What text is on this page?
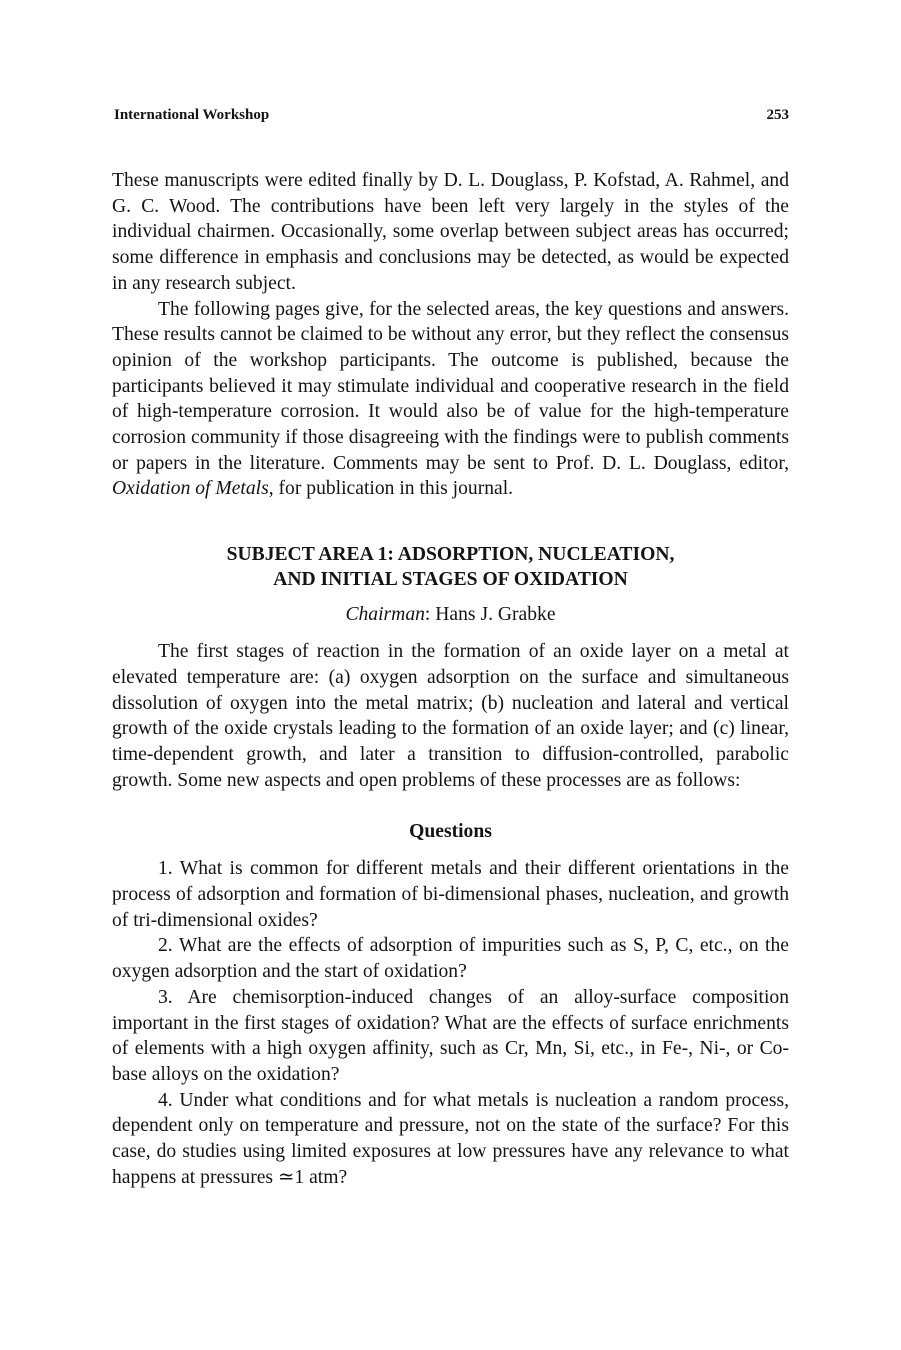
International Workshop	253

These manuscripts were edited finally by D. L. Douglass, P. Kofstad, A. Rahmel, and G. C. Wood. The contributions have been left very largely in the styles of the individual chairmen. Occasionally, some overlap between subject areas has occurred; some difference in emphasis and conclusions may be detected, as would be expected in any research subject.

The following pages give, for the selected areas, the key questions and answers. These results cannot be claimed to be without any error, but they reflect the consensus opinion of the workshop participants. The outcome is published, because the participants believed it may stimulate individual and cooperative research in the field of high-temperature corrosion. It would also be of value for the high-temperature corrosion community if those disagreeing with the findings were to publish comments or papers in the literature. Comments may be sent to Prof. D. L. Douglass, editor, Oxidation of Metals, for publication in this journal.

SUBJECT AREA 1: ADSORPTION, NUCLEATION,
AND INITIAL STAGES OF OXIDATION
Chairman: Hans J. Grabke

The first stages of reaction in the formation of an oxide layer on a metal at elevated temperature are: (a) oxygen adsorption on the surface and simultaneous dissolution of oxygen into the metal matrix; (b) nucleation and lateral and vertical growth of the oxide crystals leading to the formation of an oxide layer; and (c) linear, time-dependent growth, and later a transition to diffusion-controlled, parabolic growth. Some new aspects and open problems of these processes are as follows:

Questions

1. What is common for different metals and their different orientations in the process of adsorption and formation of bi-dimensional phases, nucleation, and growth of tri-dimensional oxides?

2. What are the effects of adsorption of impurities such as S, P, C, etc., on the oxygen adsorption and the start of oxidation?

3. Are chemisorption-induced changes of an alloy-surface composition important in the first stages of oxidation? What are the effects of surface enrichments of elements with a high oxygen affinity, such as Cr, Mn, Si, etc., in Fe-, Ni-, or Co-base alloys on the oxidation?

4. Under what conditions and for what metals is nucleation a random process, dependent only on temperature and pressure, not on the state of the surface? For this case, do studies using limited exposures at low pressures have any relevance to what happens at pressures ≃1 atm?
